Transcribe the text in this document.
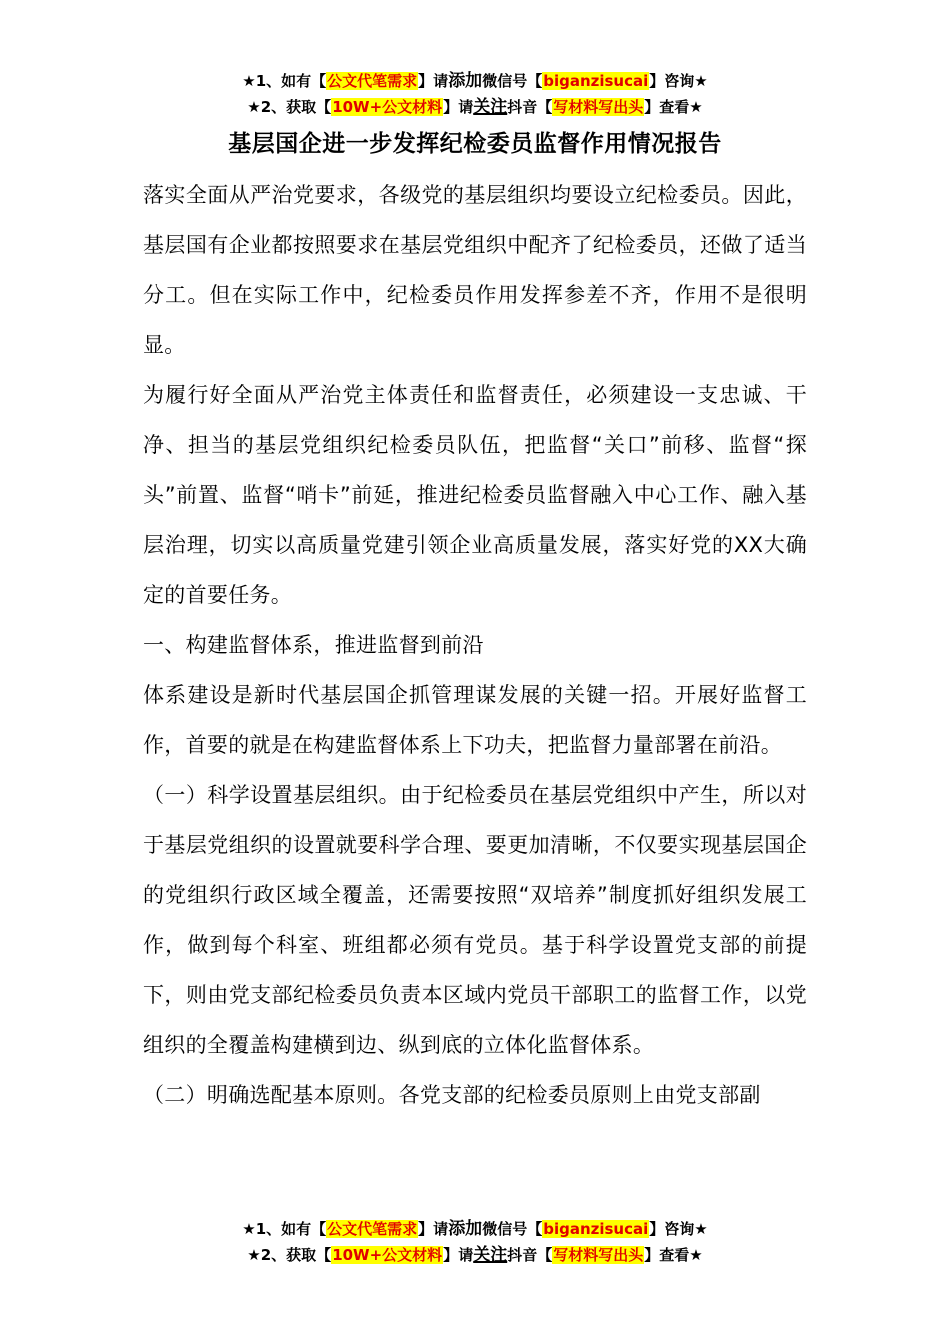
★1、如有【公文代笔需求】请添加微信号【biganzisucai】咨询★
★2、获取【10W+公文材料】请关注抖音【写材料写出头】查看★
基层国企进一步发挥纪检委员监督作用情况报告

落实全面从严治党要求，各级党的基层组织均要设立纪检委员。因此，基层国有企业都按照要求在基层党组织中配齐了纪检委员，还做了适当分工。但在实际工作中，纪检委员作用发挥参差不齐，作用不是很明显。

为履行好全面从严治党主体责任和监督责任，必须建设一支忠诚、干净、担当的基层党组织纪检委员队伍，把监督“关口”前移、监督“探头”前置、监督“哨卡”前延，推进纪检委员监督融入中心工作、融入基层治理，切实以高质量党建引领企业高质量发展，落实好党的XX大确定的首要任务。

一、构建监督体系，推进监督到前沿

体系建设是新时代基层国企抓管理谋发展的关键一招。开展好监督工作，首要的就是在构建监督体系上下功夫，把监督力量部署在前沿。

（一）科学设置基层组织。由于纪检委员在基层党组织中产生，所以对于基层党组织的设置就要科学合理、要更加清晰，不仅要实现基层国企的党组织行政区域全覆盖，还需要按照“双培养”制度抓好组织发展工作，做到每个科室、班组都必须有党员。基于科学设置党支部的前提下，则由党支部纪检委员负责本区域内党员干部职工的监督工作，以党组织的全覆盖构建横到边、纵到底的立体化监督体系。

（二）明确选配基本原则。各党支部的纪检委员原则上由党支部副

★1、如有【公文代笔需求】请添加微信号【biganzisucai】咨询★
★2、获取【10W+公文材料】请关注抖音【写材料写出头】查看★
